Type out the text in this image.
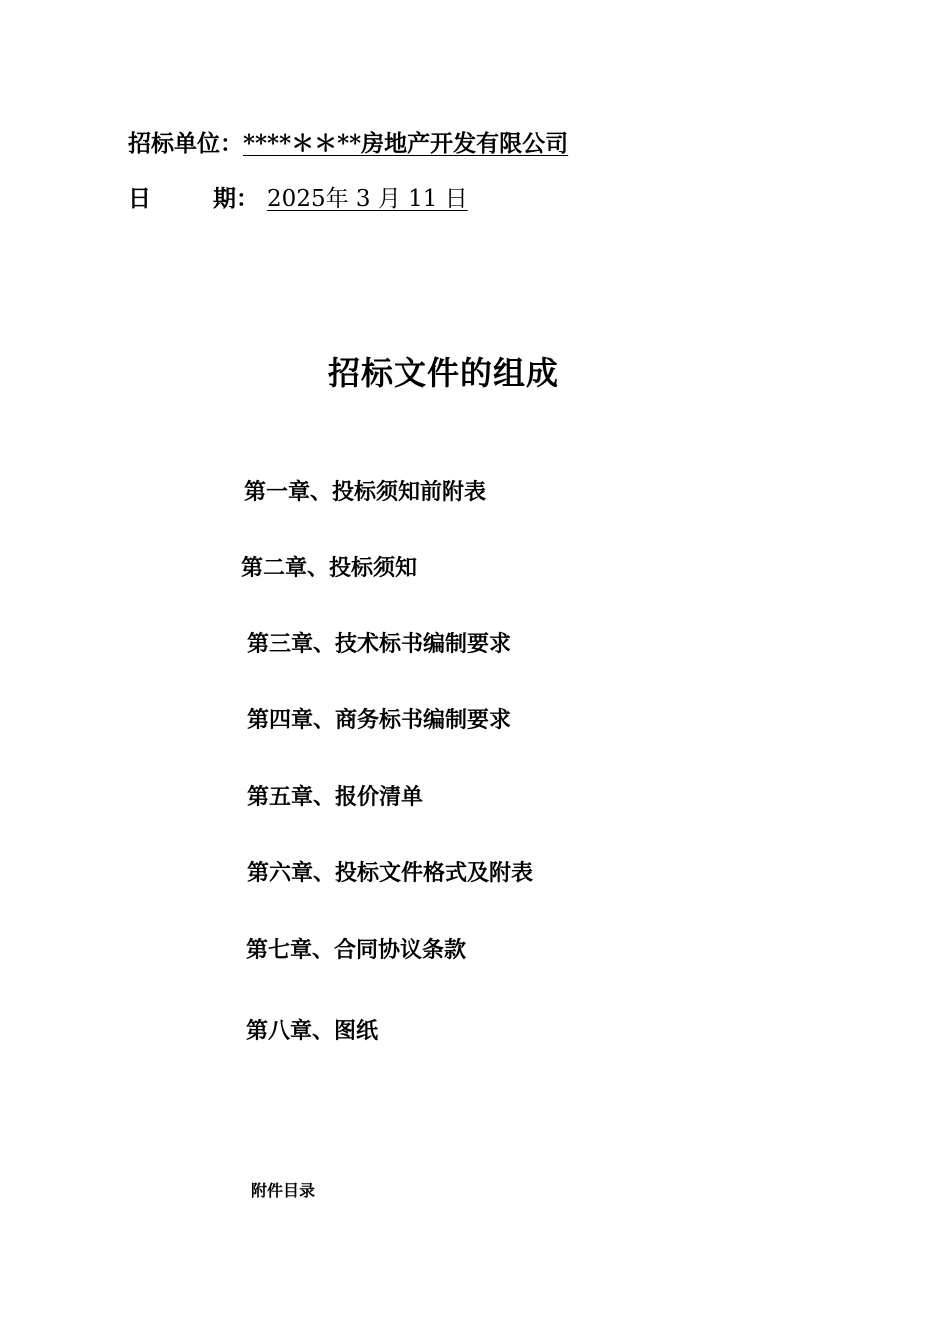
招标单位：****＊＊**房地产开发有限公司
日	期： 2025年 3 月 11 日
招标文件的组成
第一章、投标须知前附表
第二章、投标须知
第三章、技术标书编制要求
第四章、商务标书编制要求
第五章、报价清单
第六章、投标文件格式及附表
第七章、合同协议条款
第八章、图纸
附件目录
